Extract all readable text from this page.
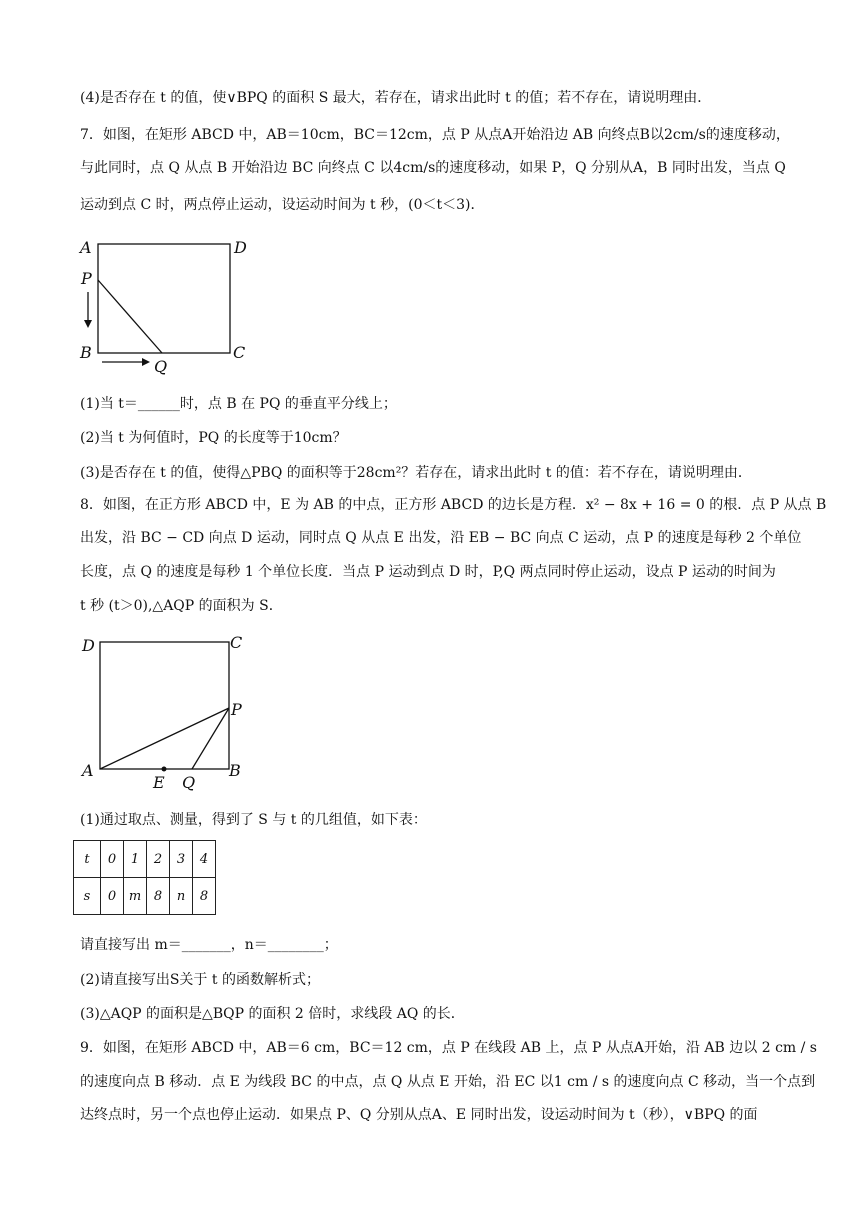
(4)是否存在 t 的值，使∨BPQ 的面积 S 最大，若存在，请求出此时 t 的值；若不存在，请说明理由．
7．如图，在矩形 ABCD 中，AB＝10cm，BC＝12cm，点 P 从点A开始沿边 AB 向终点B以2cm/s的速度移动，
与此同时，点 Q 从点 B 开始沿边 BC 向终点 C 以4cm/s的速度移动，如果 P，Q 分别从A，B 同时出发，当点 Q
运动到点 C 时，两点停止运动，设运动时间为 t 秒，(0＜t＜3)．
A	D
P
B	C
Q
(1)当 t＝______时，点 B 在 PQ 的垂直平分线上；
(2)当 t 为何值时，PQ 的长度等于10cm？
(3)是否存在 t 的值，使得△PBQ 的面积等于28cm²？若存在，请求出此时 t 的值：若不存在，请说明理由．
8．如图，在正方形 ABCD 中，E 为 AB 的中点，正方形 ABCD 的边长是方程．x² − 8x + 16 = 0 的根．点 P 从点 B
出发，沿 BC − CD 向点 D 运动，同时点 Q 从点 E 出发，沿 EB − BC 向点 C 运动，点 P 的速度是每秒 2 个单位
长度，点 Q 的速度是每秒 1 个单位长度．当点 P 运动到点 D 时，P,Q 两点同时停止运动，设点 P 运动的时间为
t 秒 (t＞0),△AQP 的面积为 S．
D	C
P
A	B
E Q
(1)通过取点、测量，得到了 S 与 t 的几组值，如下表：
t	0	1	2	3	4
s	0	m	8	n	8
请直接写出 m＝_______，n＝________；
(2)请直接写出S关于 t 的函数解析式；
(3)△AQP 的面积是△BQP 的面积 2 倍时，求线段 AQ 的长．
9．如图，在矩形 ABCD 中，AB＝6 cm，BC＝12 cm，点 P 在线段 AB 上，点 P 从点A开始，沿 AB 边以 2 cm / s
的速度向点 B 移动．点 E 为线段 BC 的中点，点 Q 从点 E 开始，沿 EC 以1 cm / s 的速度向点 C 移动，当一个点到
达终点时，另一个点也停止运动．如果点 P、Q 分别从点A、E 同时出发，设运动时间为 t（秒），∨BPQ 的面
